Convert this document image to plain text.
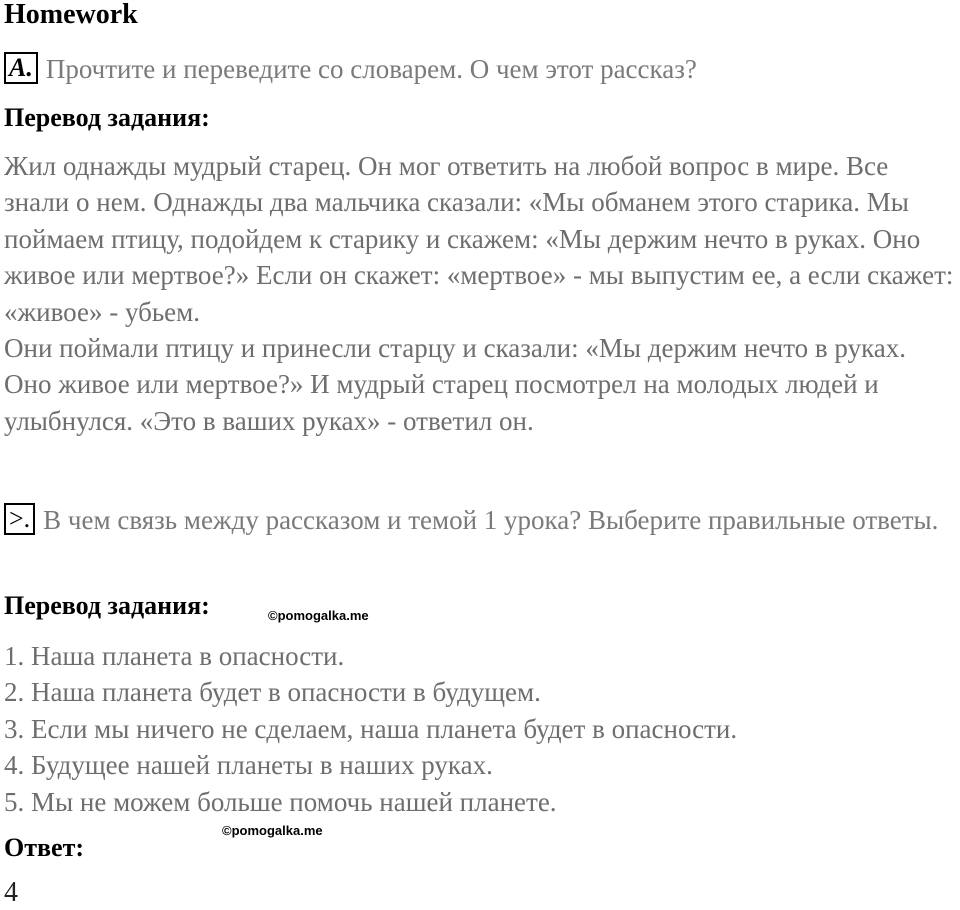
Homework
A. Прочтите и переведите со словарем. О чем этот рассказ?
Перевод задания:

Жил однажды мудрый старец. Он мог ответить на любой вопрос в мире. Все знали о нем. Однажды два мальчика сказали: «Мы обманем этого старика. Мы поймаем птицу, подойдем к старику и скажем: «Мы держим нечто в руках. Оно живое или мертвое?» Если он скажет: «мертвое» - мы выпустим ее, а если скажет: «живое» - убьем.

Они поймали птицу и принесли старцу и сказали: «Мы держим нечто в руках. Оно живое или мертвое?» И мудрый старец посмотрел на молодых людей и улыбнулся. «Это в ваших руках» - ответил он.

>. В чем связь между рассказом и темой 1 урока? Выберите правильные ответы.
Перевод задания:	©pomogalka.me
1. Наша планета в опасности.
2. Наша планета будет в опасности в будущем.
3. Если мы ничего не сделаем, наша планета будет в опасности.
4. Будущее нашей планеты в наших руках.
5. Мы не можем больше помочь нашей планете.
©pomogalka.me
Ответ:
4
